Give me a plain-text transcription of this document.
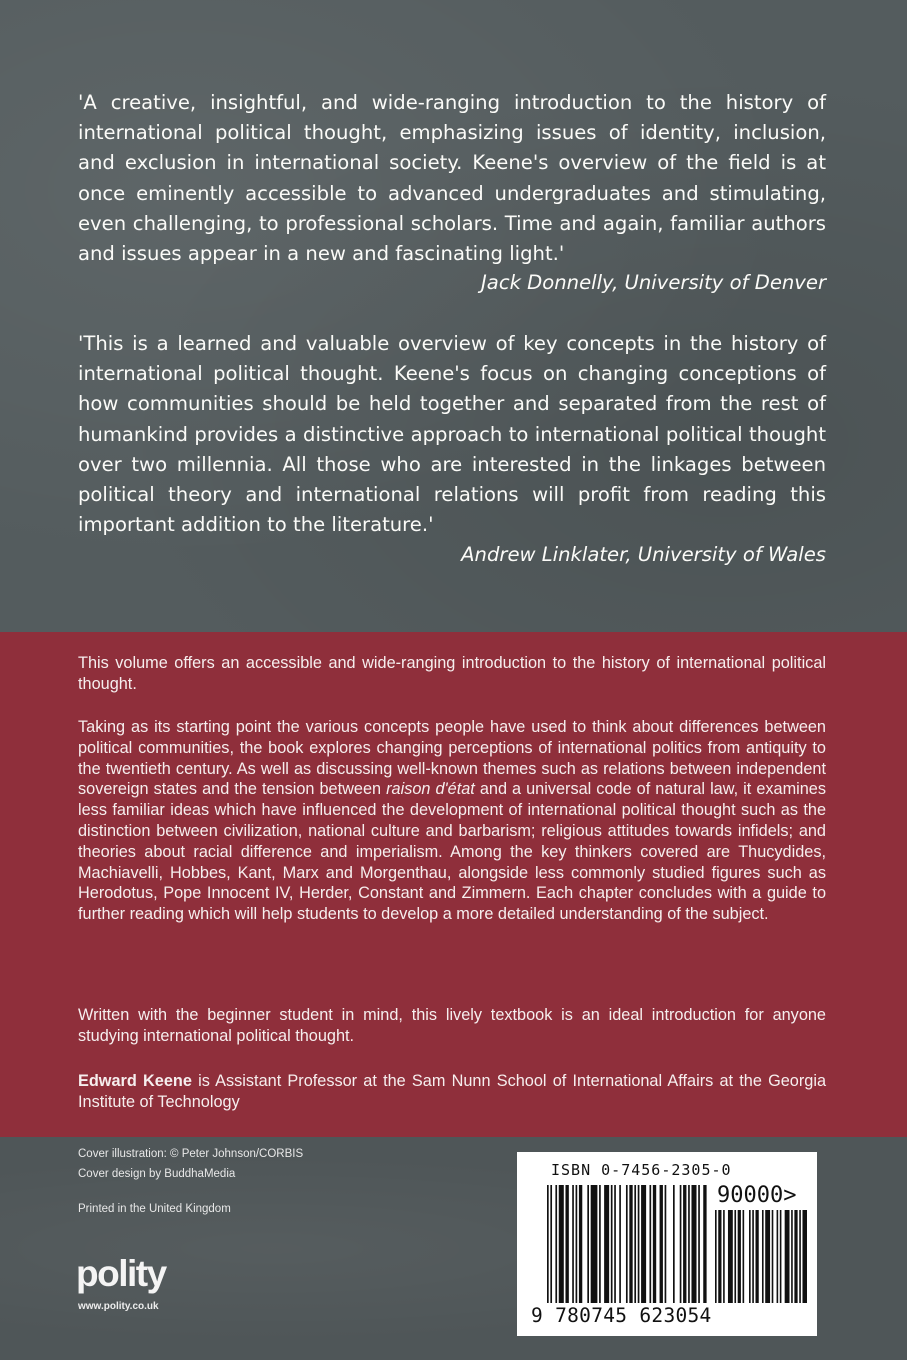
'A creative, insightful, and wide-ranging introduction to the history of international political thought, emphasizing issues of identity, inclusion, and exclusion in international society. Keene's overview of the field is at once eminently accessible to advanced undergraduates and stimulating, even challenging, to professional scholars. Time and again, familiar authors and issues appear in a new and fascinating light.'

Jack Donnelly, University of Denver

'This is a learned and valuable overview of key concepts in the history of international political thought. Keene's focus on changing conceptions of how communities should be held together and separated from the rest of humankind provides a distinctive approach to international political thought over two millennia. All those who are interested in the linkages between political theory and international relations will profit from reading this important addition to the literature.'

Andrew Linklater, University of Wales

This volume offers an accessible and wide-ranging introduction to the history of international political thought.

Taking as its starting point the various concepts people have used to think about differences between political communities, the book explores changing perceptions of international politics from antiquity to the twentieth century. As well as discussing well-known themes such as relations between independent sovereign states and the tension between raison d'état and a universal code of natural law, it examines less familiar ideas which have influenced the development of international political thought such as the distinction between civilization, national culture and barbarism; religious attitudes towards infidels; and theories about racial difference and imperialism. Among the key thinkers covered are Thucydides, Machiavelli, Hobbes, Kant, Marx and Morgenthau, alongside less commonly studied figures such as Herodotus, Pope Innocent IV, Herder, Constant and Zimmern. Each chapter concludes with a guide to further reading which will help students to develop a more detailed understanding of the subject.

Written with the beginner student in mind, this lively textbook is an ideal introduction for anyone studying international political thought.

Edward Keene is Assistant Professor at the Sam Nunn School of International Affairs at the Georgia Institute of Technology

Cover illustration: © Peter Johnson/CORBIS

Cover design by BuddhaMedia

Printed in the United Kingdom

polity

www.polity.co.uk

ISBN 0-7456-2305-0

90000>

9 780745 623054
